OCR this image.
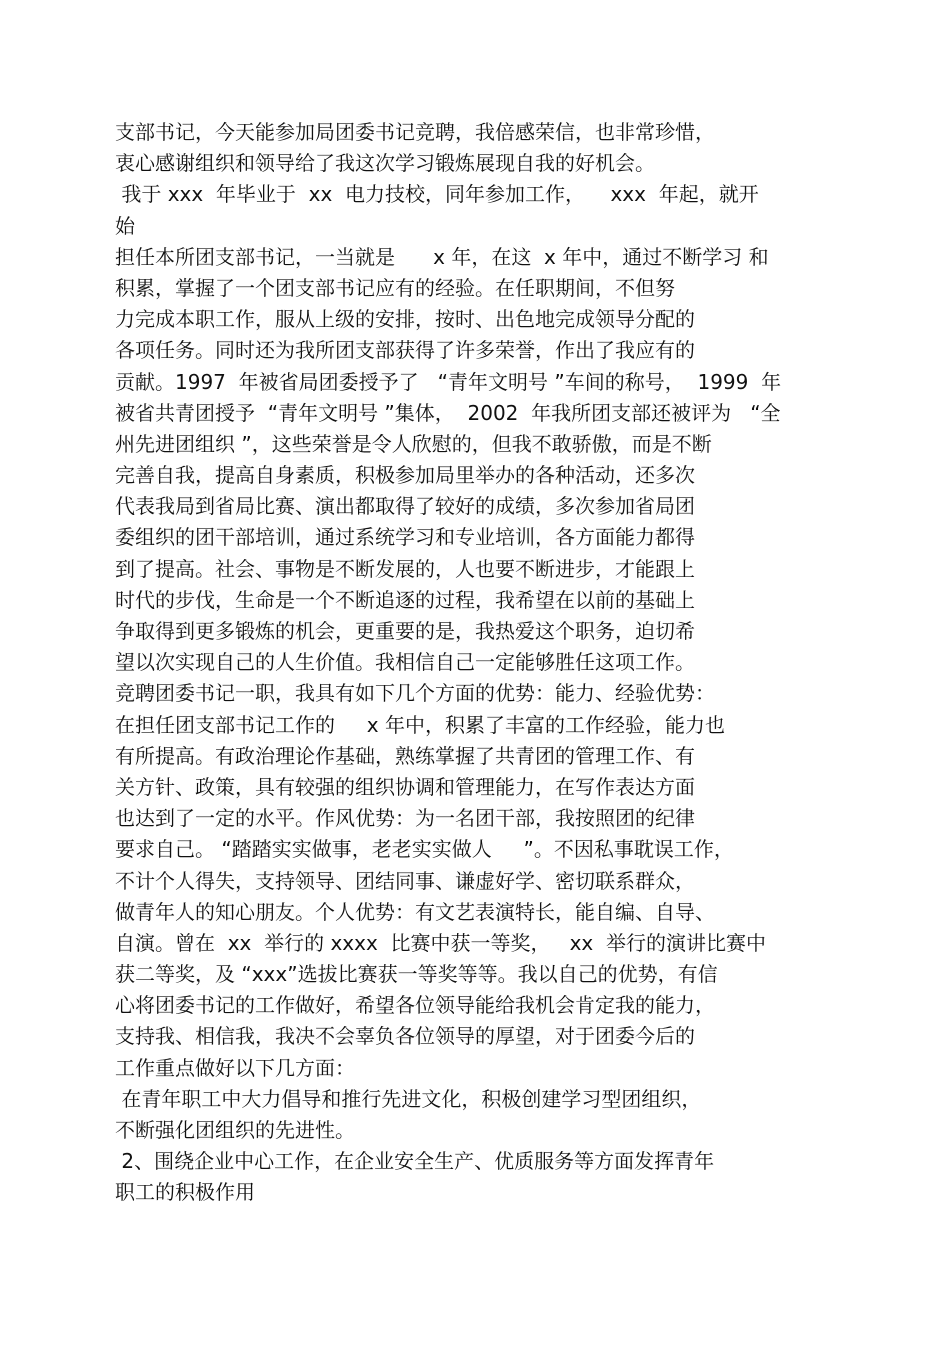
支部书记，今天能参加局团委书记竞聘，我倍感荣信，也非常珍惜，
衷心感谢组织和领导给了我这次学习锻炼展现自我的好机会。
我于 xxx  年毕业于  xx  电力技校，同年参加工作，    xxx  年起，就开
始
担任本所团支部书记，一当就是      x 年，在这  x 年中，通过不断学习 和
积累，掌握了一个团支部书记应有的经验。在任职期间，不但努
力完成本职工作，服从上级的安排，按时、出色地完成领导分配的
各项任务。同时还为我所团支部获得了许多荣誉，作出了我应有的
贡献。1997  年被省局团委授予了   “青年文明号 ”车间的称号，  1999  年
被省共青团授予  “青年文明号 ”集体，  2002  年我所团支部还被评为   “全
州先进团组织 ”，这些荣誉是令人欣慰的，但我不敢骄傲，而是不断
完善自我，提高自身素质，积极参加局里举办的各种活动，还多次
代表我局到省局比赛、演出都取得了较好的成绩，多次参加省局团
委组织的团干部培训，通过系统学习和专业培训，各方面能力都得
到了提高。社会、事物是不断发展的，人也要不断进步，才能跟上
时代的步伐，生命是一个不断追逐的过程，我希望在以前的基础上
争取得到更多锻炼的机会，更重要的是，我热爱这个职务，迫切希
望以次实现自己的人生价值。我相信自己一定能够胜任这项工作。
竞聘团委书记一职，我具有如下几个方面的优势：能力、经验优势：
在担任团支部书记工作的     x 年中，积累了丰富的工作经验，能力也
有所提高。有政治理论作基础，熟练掌握了共青团的管理工作、有
关方针、政策，具有较强的组织协调和管理能力，在写作表达方面
也达到了一定的水平。作风优势：为一名团干部，我按照团的纪律
要求自己。 “踏踏实实做事，老老实实做人     ”。不因私事耽误工作，
不计个人得失，支持领导、团结同事、谦虚好学、密切联系群众，
做青年人的知心朋友。个人优势：有文艺表演特长，能自编、自导、
自演。曾在  xx  举行的 xxxx  比赛中获一等奖，   xx  举行的演讲比赛中
获二等奖，及 “xxx”选拔比赛获一等奖等等。我以自己的优势，有信
心将团委书记的工作做好，希望各位领导能给我机会肯定我的能力，
支持我、相信我，我决不会辜负各位领导的厚望，对于团委今后的
工作重点做好以下几方面：
在青年职工中大力倡导和推行先进文化，积极创建学习型团组织，
不断强化团组织的先进性。
2、围绕企业中心工作，在企业安全生产、优质服务等方面发挥青年
职工的积极作用
